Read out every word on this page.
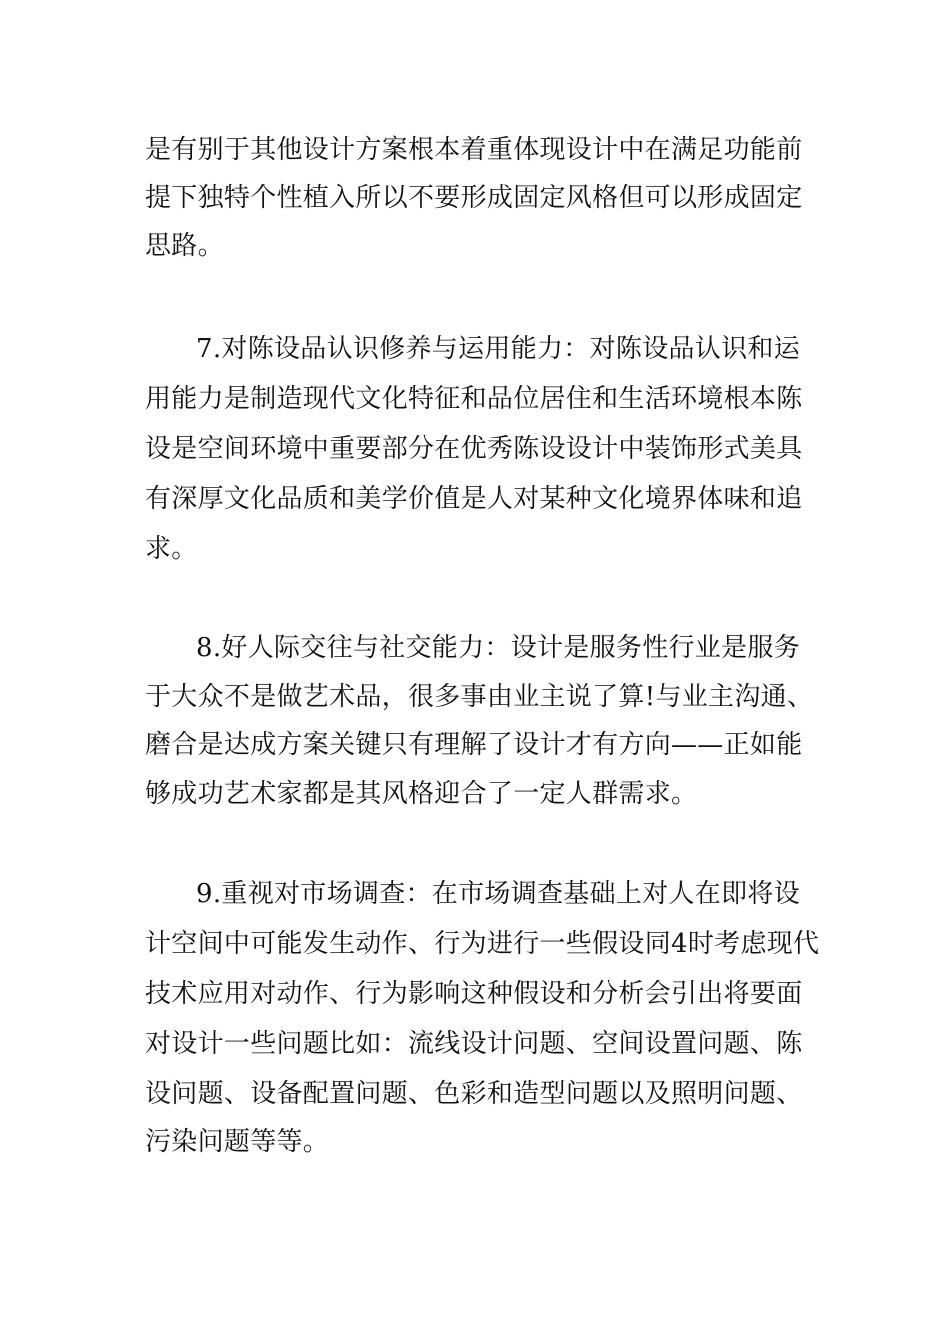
是有别于其他设计方案根本着重体现设计中在满足功能前
提下独特个性植入所以不要形成固定风格但可以形成固定
思路。
7.对陈设品认识修养与运用能力：对陈设品认识和运
用能力是制造现代文化特征和品位居住和生活环境根本陈
设是空间环境中重要部分在优秀陈设设计中装饰形式美具
有深厚文化品质和美学价值是人对某种文化境界体味和追
求。
8.好人际交往与社交能力：设计是服务性行业是服务
于大众不是做艺术品，很多事由业主说了算!与业主沟通、
磨合是达成方案关键只有理解了设计才有方向——正如能
够成功艺术家都是其风格迎合了一定人群需求。
9.重视对市场调查：在市场调查基础上对人在即将设
计空间中可能发生动作、行为进行一些假设同4时考虑现代
技术应用对动作、行为影响这种假设和分析会引出将要面
对设计一些问题比如：流线设计问题、空间设置问题、陈
设问题、设备配置问题、色彩和造型问题以及照明问题、
污染问题等等。
